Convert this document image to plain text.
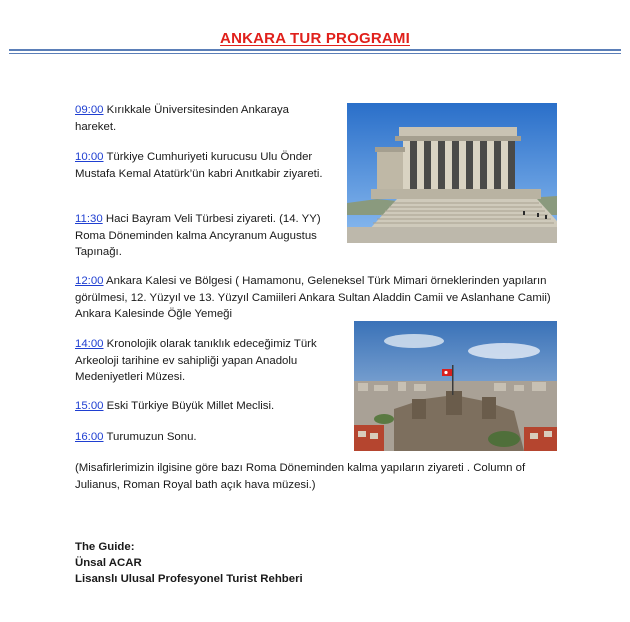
ANKARA TUR PROGRAMI
09:00 Kırıkkale Üniversitesinden Ankaraya
hareket.
10:00 Türkiye Cumhuriyeti kurucusu Ulu Önder
Mustafa Kemal Atatürk’ün kabri Anıtkabir ziyareti.
11:30 Haci Bayram Veli Türbesi ziyareti. (14. YY)
Roma Döneminden kalma Ancyranum Augustus
Tapınağı.
12:00 Ankara Kalesi ve Bölgesi ( Hamamonu, Geleneksel Türk Mimari örneklerinden yapıların
görülmesi, 12. Yüzyıl ve 13. Yüzyıl Camiileri Ankara Sultan Aladdin Camii ve Aslanhane Camii)
Ankara Kalesinde Öğle Yemeği
14:00 Kronolojik olarak tanıklık edeceğimiz Türk
Arkeoloji tarihine ev sahipliği yapan Anadolu
Medeniyetleri Müzesi.
15:00 Eski Türkiye Büyük Millet Meclisi.
16:00 Turumuzun Sonu.
(Misafirlerimizin ilgisine göre bazı Roma Döneminden kalma yapıların ziyareti . Column of
Julianus, Roman Royal bath açık hava müzesi.)
The Guide:
Ünsal ACAR
Lisanslı Ulusal Profesyonel Turist Rehberi
